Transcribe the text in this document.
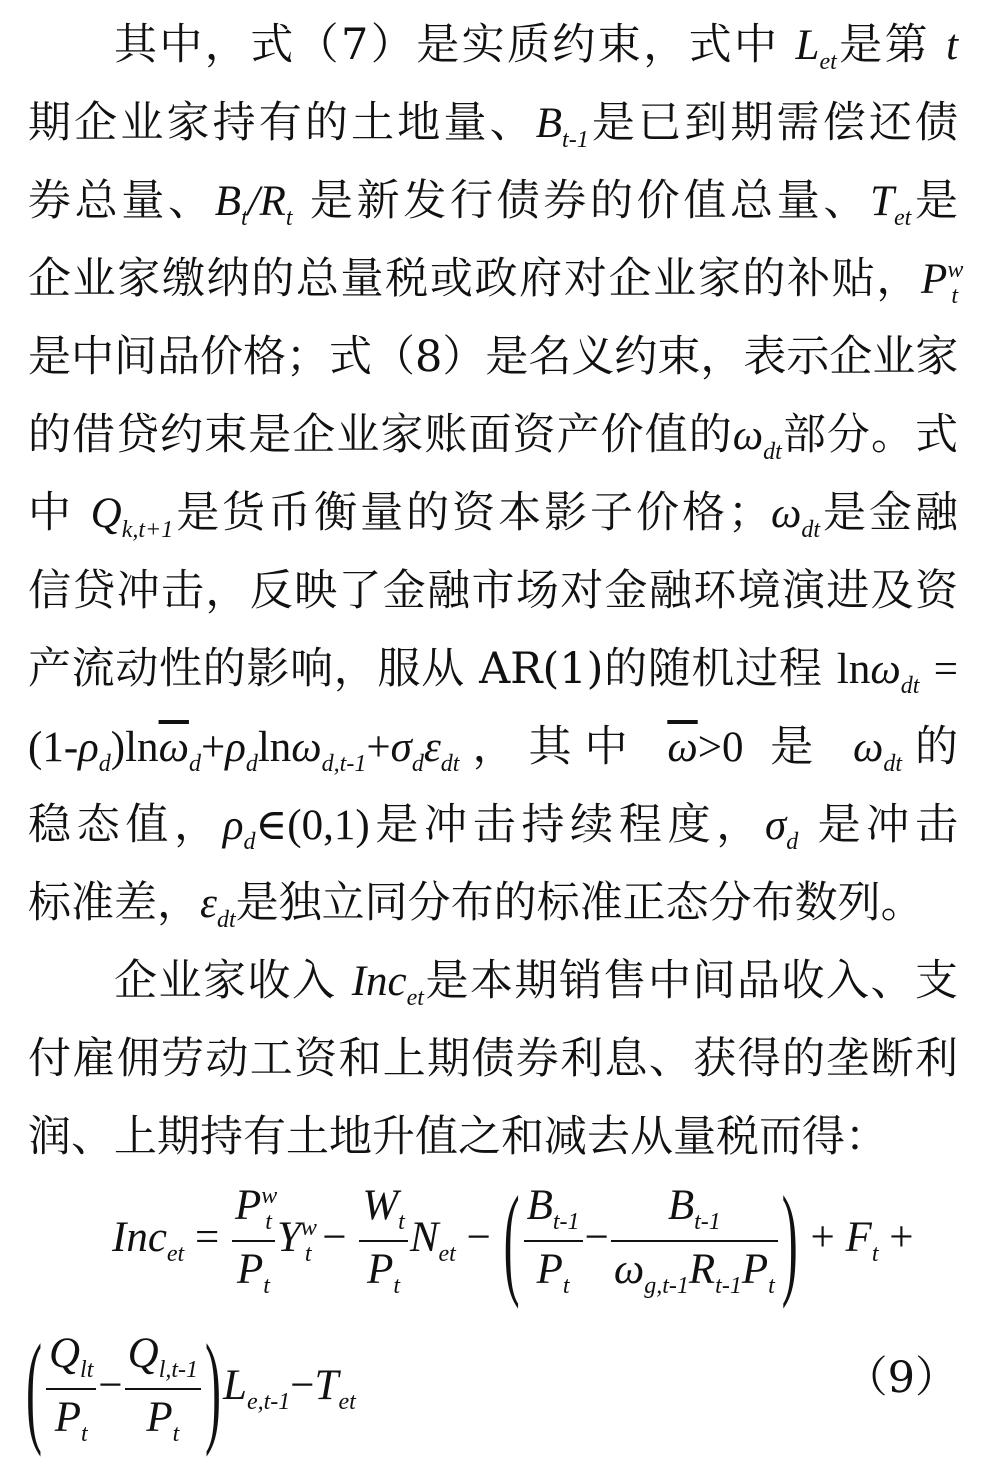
其中，式（7）是实质约束，式中 $L_{et}$是第 t
期企业家持有的土地量、$B_{t-1}$是已到期需偿还债
券总量、$B_t/R_t$ 是新发行债券的价值总量、$T_{et}$是
企业家缴纳的总量税或政府对企业家的补贴，$P^w_t$
是中间品价格；式（8）是名义约束，表示企业家
的借贷约束是企业家账面资产价值的$\omega_{dt}$部分。式
中 $Q_{k,t+1}$是货币衡量的资本影子价格；$\omega_{dt}$是金融
信贷冲击，反映了金融市场对金融环境演进及资
产流动性的影响，服从 AR(1)的随机过程 lnω$_{dt}$ =
$(1-\rho_d)\ln\overline{\omega}_d+\rho_d\ln\omega_{d,t-1}+\sigma_d\varepsilon_{dt}$，其中 $\overline{\omega}>0$ 是 $\omega_{dt}$的
稳态值，$\rho_d\in(0,1)$是冲击持续程度，$\sigma_d$ 是冲击
标准差，$\varepsilon_{dt}$是独立同分布的标准正态分布数列。
企业家收入 Inc$_{et}$是本期销售中间品收入、支
付雇佣劳动工资和上期债券利息、获得的垄断利
润、上期持有土地升值之和减去从量税而得：
$Inc_{et} = \frac{P^w_t}{P_t} Y^w_t - \frac{W_t}{P_t} N_{et}$ − ( $\frac{B_{t-1}}{P_t} - \frac{B_{t-1}}{\omega_{g,t-1}R_{t-1}P_t}$ ) + $F_t$ +
( $\frac{Q_{lt}}{P_t} - \frac{Q_{l,t-1}}{P_t} )L_{e,t-1}-T_{et}$	（9）
